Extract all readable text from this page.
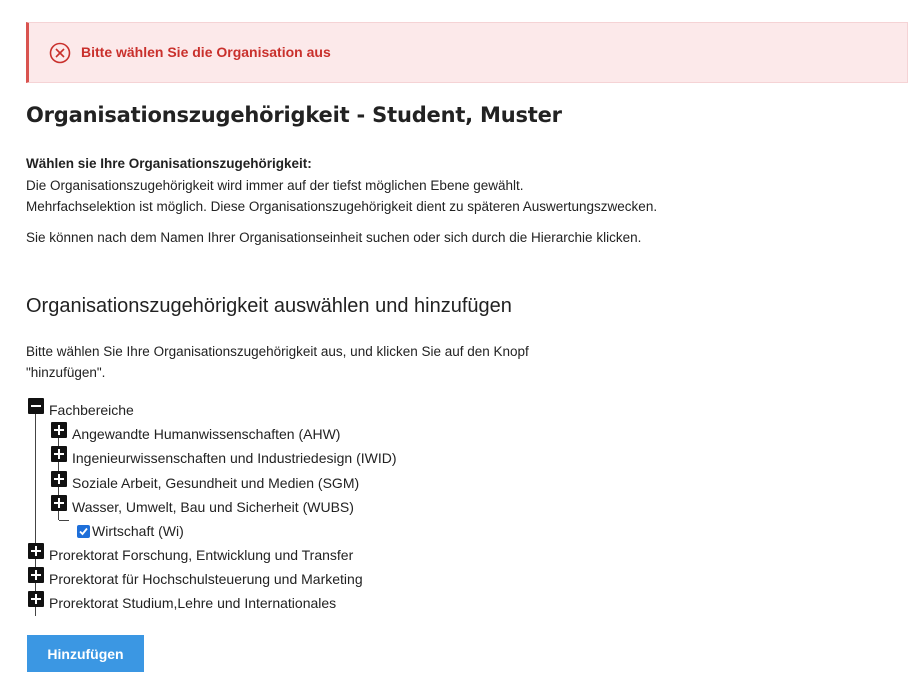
Bitte wählen Sie die Organisation aus
Organisationszugehörigkeit - Student, Muster
Wählen sie Ihre Organisationszugehörigkeit:
Die Organisationszugehörigkeit wird immer auf der tiefst möglichen Ebene gewählt.
Mehrfachselektion ist möglich. Diese Organisationszugehörigkeit dient zu späteren Auswertungszwecken.
Sie können nach dem Namen Ihrer Organisationseinheit suchen oder sich durch die Hierarchie klicken.
Organisationszugehörigkeit auswählen und hinzufügen
Bitte wählen Sie Ihre Organisationszugehörigkeit aus, und klicken Sie auf den Knopf
"hinzufügen".
Fachbereiche
Angewandte Humanwissenschaften (AHW)
Ingenieurwissenschaften und Industriedesign (IWID)
Soziale Arbeit, Gesundheit und Medien (SGM)
Wasser, Umwelt, Bau und Sicherheit (WUBS)
Wirtschaft (Wi)
Prorektorat Forschung, Entwicklung und Transfer
Prorektorat für Hochschulsteuerung und Marketing
Prorektorat Studium,Lehre und Internationales
Hinzufügen
